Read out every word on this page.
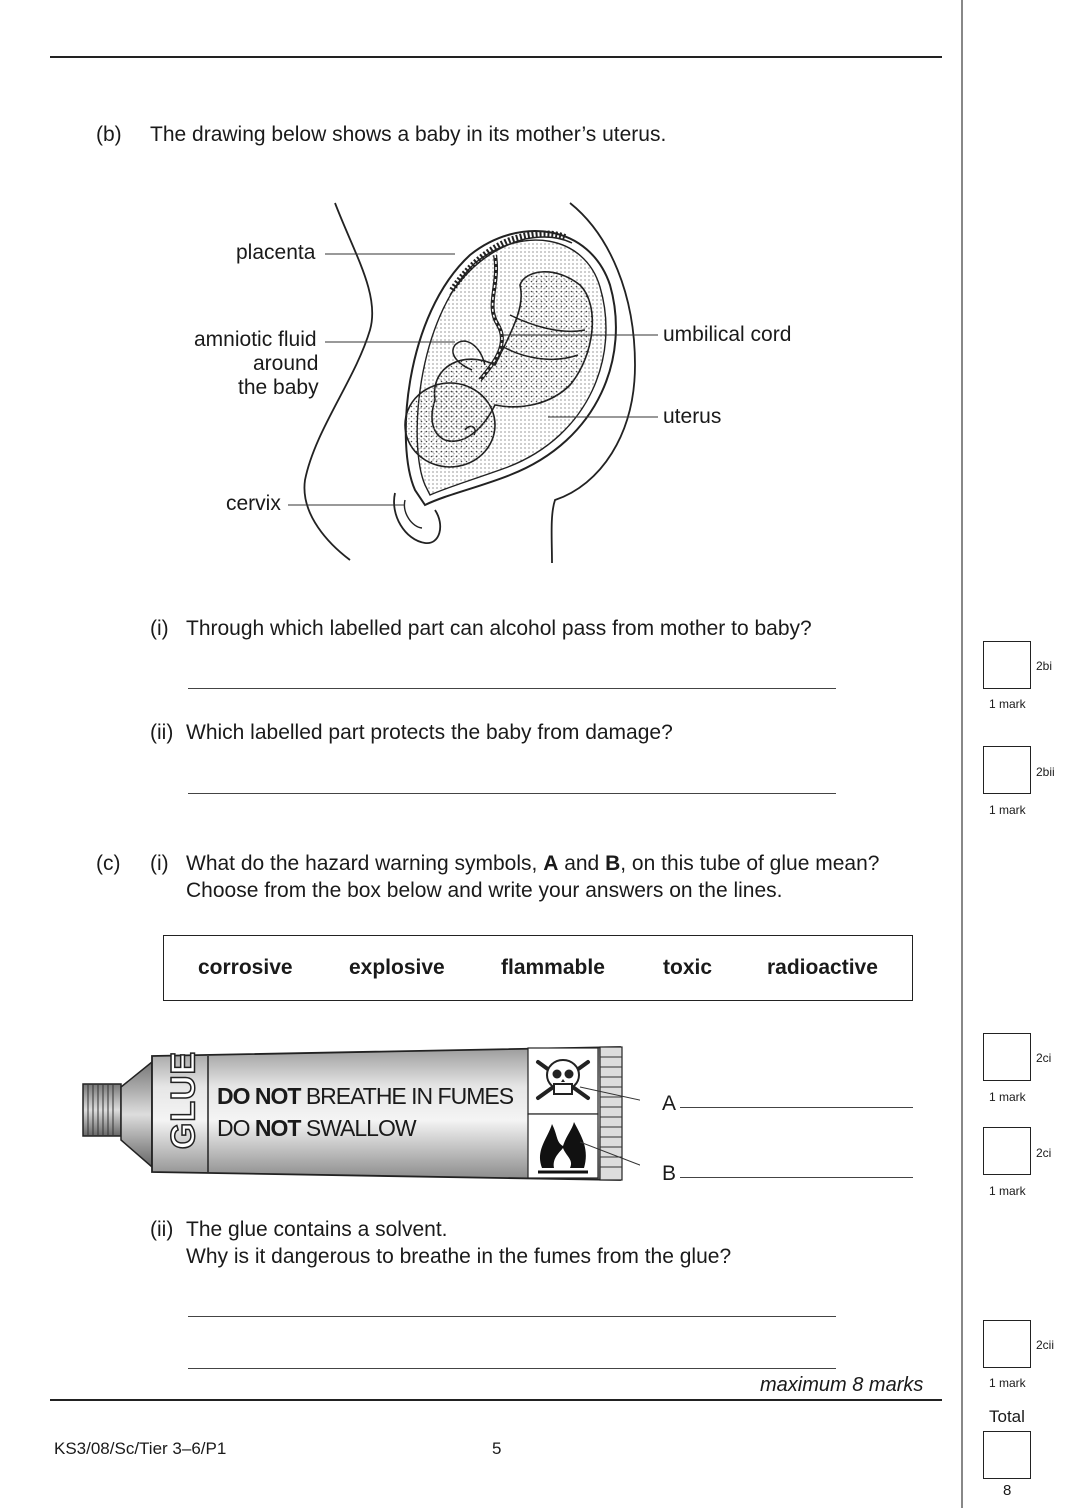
(b) The drawing below shows a baby in its mother’s uterus.
placenta
amniotic fluid
around
the baby
cervix
umbilical cord
uterus
(i) Through which labelled part can alcohol pass from mother to baby?
(ii) Which labelled part protects the baby from damage?
(c) (i) What do the hazard warning symbols, A and B, on this tube of glue mean?
Choose from the box below and write your answers on the lines.
corrosive	explosive	flammable	toxic	radioactive
GLUE DO NOT BREATHE IN FUMES
DO NOT SWALLOW
A
B
(ii) The glue contains a solvent.
Why is it dangerous to breathe in the fumes from the glue?
maximum 8 marks
KS3/08/Sc/Tier 3–6/P1	5
2bi
1 mark
2bii
1 mark
2ci
1 mark
2ci
1 mark
2cii
1 mark
Total
8
